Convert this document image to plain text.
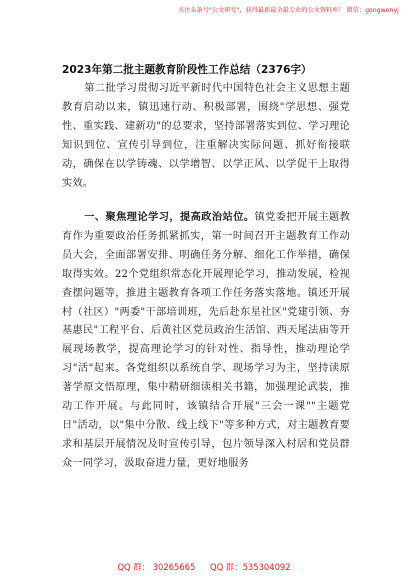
关注头条号"公文研究"，获得最新最全最专业的公文资料库！ 微信：gongwenyj
2023年第二批主题教育阶段性工作总结（2376字）
第二批学习贯彻习近平新时代中国特色社会主义思想主题教育启动以来，镇迅速行动、积极部署，围绕"学思想、强党性、重实践、建新功"的总要求，坚持部署落实到位、学习理论知识到位、宣传引导到位，注重解决实际问题、抓好衔接联动，确保在以学铸魂、以学增智、以学正风、以学促干上取得实效。
一、聚焦理论学习，提高政治站位。镇党委把开展主题教育作为重要政治任务抓紧抓实，第一时间召开主题教育工作动员大会，全面部署安排、明确任务分解、细化工作举措，确保取得实效。22个党组织常态化开展理论学习，推动发展，检视查摆问题等，推进主题教育各项工作任务落实落地。镇还开展村（社区）"两委"干部培训班，先后赴东星社区"党建引领、夯基惠民"工程平台、后黄社区党员政治生活馆、西天尾法庙等开展现场教学，提高理论学习的针对性、指导性，推动理论学习"活"起来。各党组织以系统自学、现场学习为主，坚持读原著学原文悟原理，集中精研细读相关书籍，加强理论武装，推动工作开展。与此同时，该镇结合开展"三会一课""主题党日"活动，以"集中分散、线上线下"等多种方式，对主题教育要求和基层开展情况及时宣传引导，包片领导深入村居和党员群众一同学习，汲取奋进力量，更好地服务
QQ 群： 30265665 QQ 群：535304092
